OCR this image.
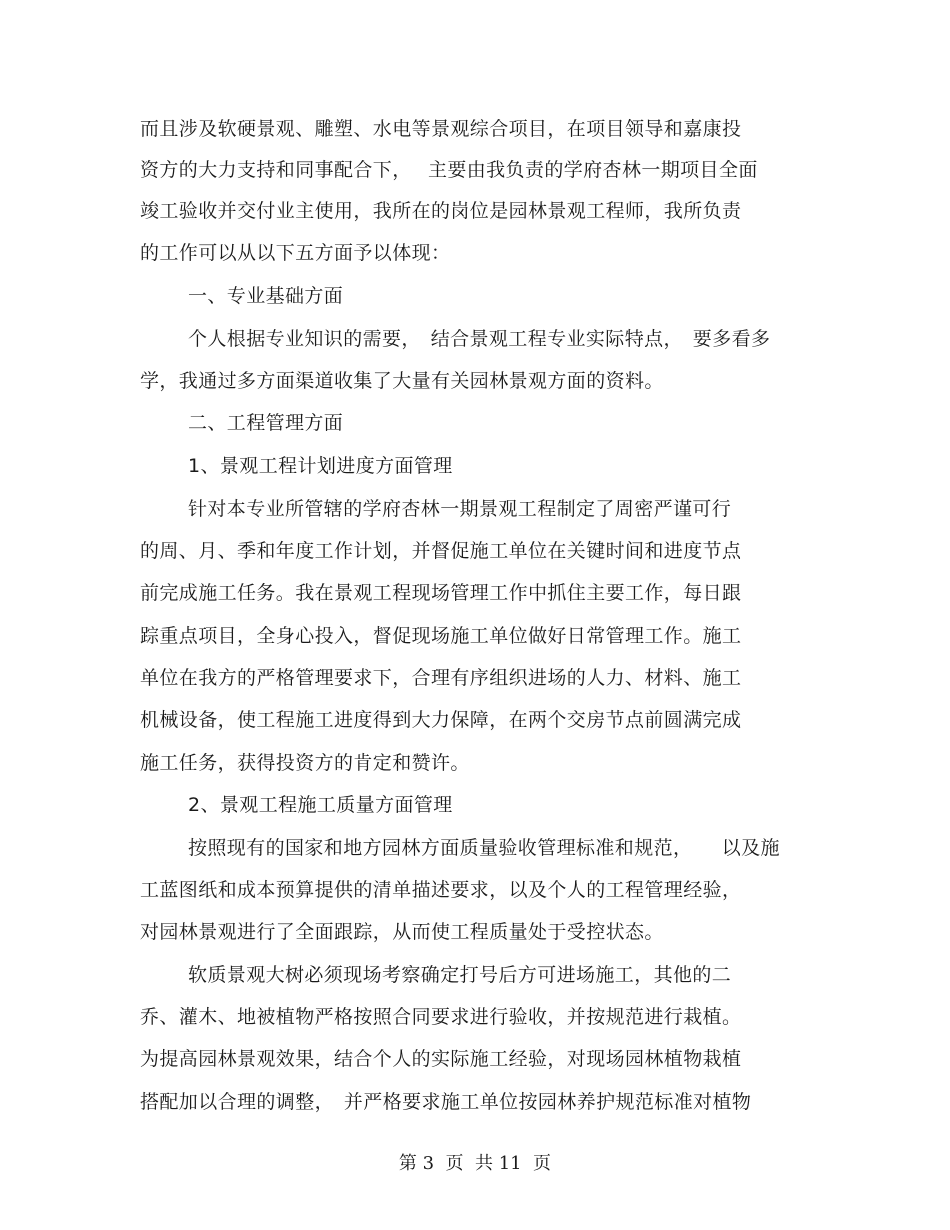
而且涉及软硬景观、雕塑、水电等景观综合项目，在项目领导和嘉康投
资方的大力支持和同事配合下，　 主要由我负责的学府杏林一期项目全面
竣工验收并交付业主使用，我所在的岗位是园林景观工程师，我所负责
的工作可以从以下五方面予以体现：
一、专业基础方面
个人根据专业知识的需要，　结合景观工程专业实际特点，　要多看多
学，我通过多方面渠道收集了大量有关园林景观方面的资料。
二、工程管理方面
1、景观工程计划进度方面管理
针对本专业所管辖的学府杏林一期景观工程制定了周密严谨可行
的周、月、季和年度工作计划，并督促施工单位在关键时间和进度节点
前完成施工任务。我在景观工程现场管理工作中抓住主要工作，每日跟
踪重点项目，全身心投入，督促现场施工单位做好日常管理工作。施工
单位在我方的严格管理要求下，合理有序组织进场的人力、材料、施工
机械设备，使工程施工进度得到大力保障，在两个交房节点前圆满完成
施工任务，获得投资方的肯定和赞许。
2、景观工程施工质量方面管理
按照现有的国家和地方园林方面质量验收管理标准和规范，　　以及施
工蓝图纸和成本预算提供的清单描述要求，以及个人的工程管理经验，
对园林景观进行了全面跟踪，从而使工程质量处于受控状态。
软质景观大树必须现场考察确定打号后方可进场施工，其他的二
乔、灌木、地被植物严格按照合同要求进行验收，并按规范进行栽植。
为提高园林景观效果，结合个人的实际施工经验，对现场园林植物栽植
搭配加以合理的调整，　并严格要求施工单位按园林养护规范标准对植物
第 3  页  共 11  页
